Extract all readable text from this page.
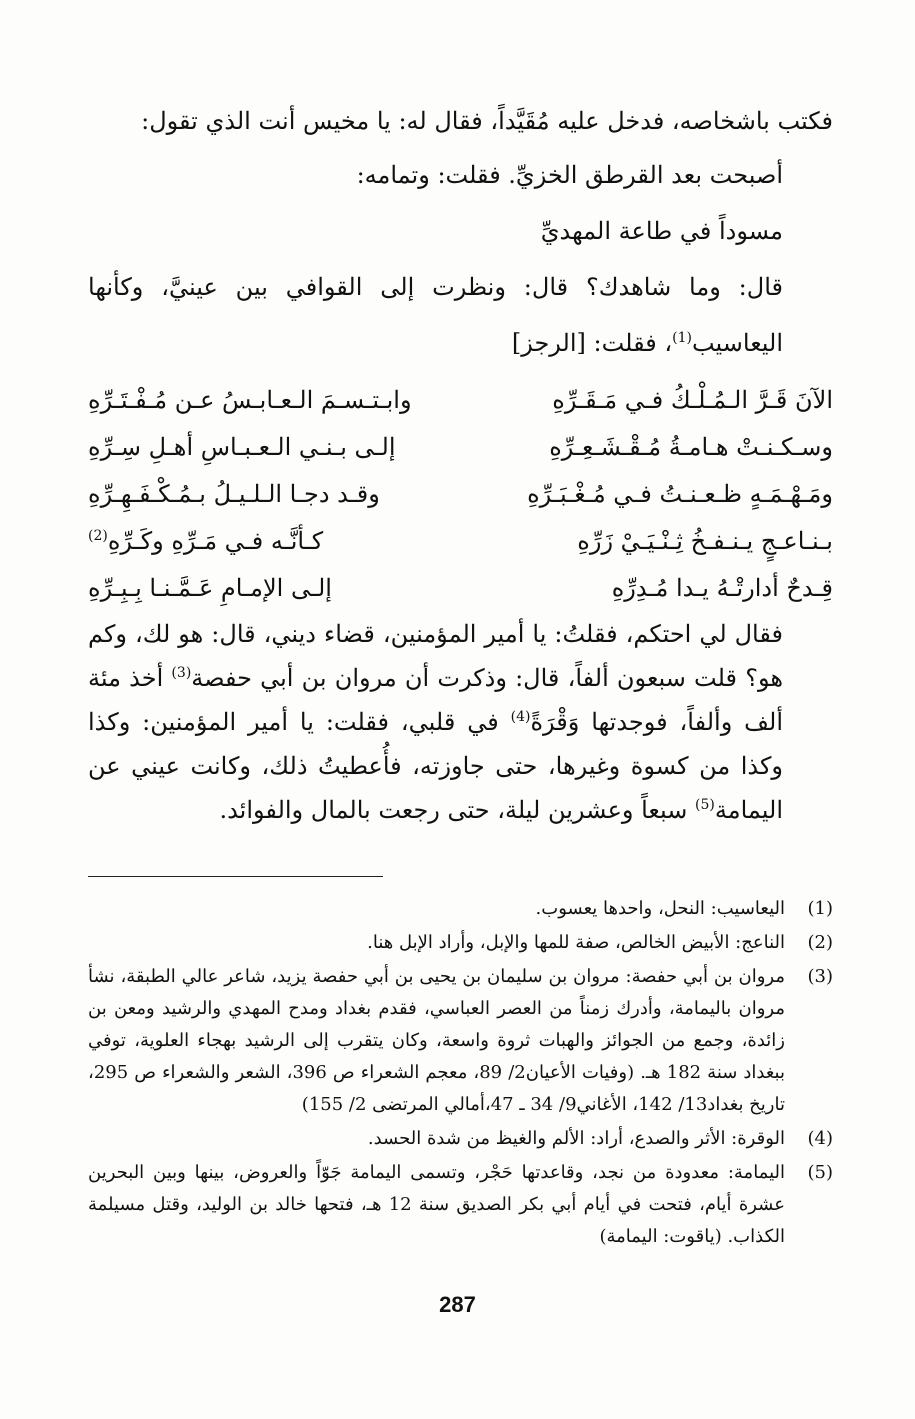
فكتب باشخاصه، فدخل عليه مُقَيَّداً، فقال له: يا مخيس أنت الذي تقول:

أصبحت بعد القرطق الخزيِّ. فقلت: وتمامه:

مسوداً في طاعة المهديِّ

قال: وما شاهدك؟ قال: ونظرت إلى القوافي بين عينيَّ، وكأنها اليعاسيب$^{(1)}$، فقلت: [الرجز]

الآنَ قَـرَّ الـمُـلْـكُ فـي مَـقَـرِّهِ
وابـتـسـمَ الـعـابـسُ عـن مُـفْـتَـرِّهِ
وسـكـنـتْ هـامـةُ مُـقْـشَـعِـرِّهِ
إلـى بـنـي الـعـبـاسِ أهـلِ سِـرِّهِ
ومَـهْـمَـهٍ ظـعـنـتُ فـي مُـغْـبَـرِّهِ
وقـد دجـا الـلـيـلُ بـمُـكْـفَـهِـرِّهِ
بـنـاعـجٍ يـنـفـخُ ثِـنْـيَـيْ زَرِّهِ
كـأنَّـه فـي مَـرِّهِ وكَـرِّهِ$^{(2)}$
قِـدحٌ أدارتْـهُ يـدا مُـدِرِّهِ
إلـى الإمـامِ عَـمَّـنـا بِـبِـرِّهِ

فقال لي احتكم، فقلتُ: يا أمير المؤمنين، قضاء ديني، قال: هو لك، وكم هو؟ قلت سبعون ألفاً، قال: وذكرت أن مروان بن أبي حفصة$^{(3)}$ أخذ مئة ألف وألفاً، فوجدتها وَقْرَةً$^{(4)}$ في قلبي، فقلت: يا أمير المؤمنين: وكذا وكذا من كسوة وغيرها، حتى جاوزته، فأُعطيتُ ذلك، وكانت عيني عن اليمامة$^{(5)}$ سبعاً وعشرين ليلة، حتى رجعت بالمال والفوائد.

(1)
اليعاسيب: النحل، واحدها يعسوب.
(2)
الناعج: الأبيض الخالص، صفة للمها والإبل، وأراد الإبل هنا.
(3)
مروان بن أبي حفصة: مروان بن سليمان بن يحيى بن أبي حفصة يزيد، شاعر عالي الطبقة، نشأ مروان باليمامة، وأدرك زمناً من العصر العباسي، فقدم بغداد ومدح المهدي والرشيد ومعن بن زائدة، وجمع من الجوائز والهبات ثروة واسعة، وكان يتقرب إلى الرشيد بهجاء العلوية، توفي ببغداد سنة 182 هـ. (وفيات الأعيان2/ 89، معجم الشعراء ص 396، الشعر والشعراء ص 295، تاريخ بغداد13/ 142، الأغاني9/ 34 ـ 47،أمالي المرتضى 2/ 155)
(4)
الوقرة: الأثر والصدع، أراد: الألم والغيظ من شدة الحسد.
(5)
اليمامة: معدودة من نجد، وقاعدتها حَجْر، وتسمى اليمامة جَوّاً والعروض، بينها وبين البحرين عشرة أيام، فتحت في أيام أبي بكر الصديق سنة 12 هـ، فتحها خالد بن الوليد، وقتل مسيلمة الكذاب. (ياقوت: اليمامة)
287
